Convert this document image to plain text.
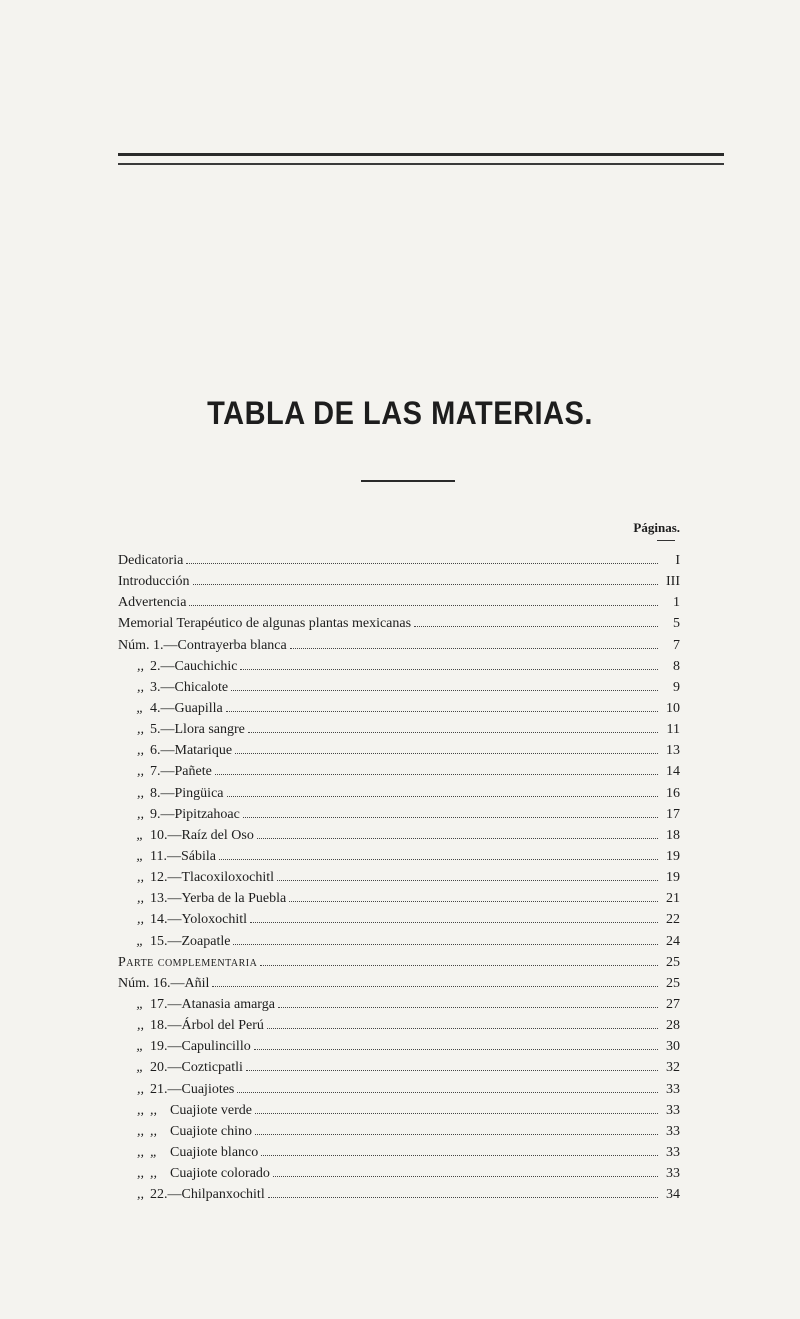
TABLA DE LAS MATERIAS.
Páginas.
Dedicatoria	I
Introducción	III
Advertencia	1
Memorial Terapéutico de algunas plantas mexicanas	5
Núm. 1.—Contrayerba blanca	7
,, 2.—Cauchichic	8
,, 3.—Chicalote	9
„ 4.—Guapilla	10
,, 5.—Llora sangre	11
,, 6.—Matarique	13
,, 7.—Pañete	14
,, 8.—Pingüica	16
,, 9.—Pipitzahoac	17
„ 10.—Raíz del Oso	18
„ 11.—Sábila	19
,, 12.—Tlacoxiloxochitl	19
,, 13.—Yerba de la Puebla	21
,, 14.—Yoloxochitl	22
„ 15.—Zoapatle	24
Parte complementaria	25
Núm. 16.—Añil	25
„ 17.—Atanasia amarga	27
,, 18.—Árbol del Perú	28
„ 19.—Capulincillo	30
„ 20.—Cozticpatli	32
,, 21.—Cuajiotes	33
,, ,, Cuajiote verde	33
,, ,, Cuajiote chino	33
,, „ Cuajiote blanco	33
,, ,, Cuajiote colorado	33
,, 22.—Chilpanxochitl	34
